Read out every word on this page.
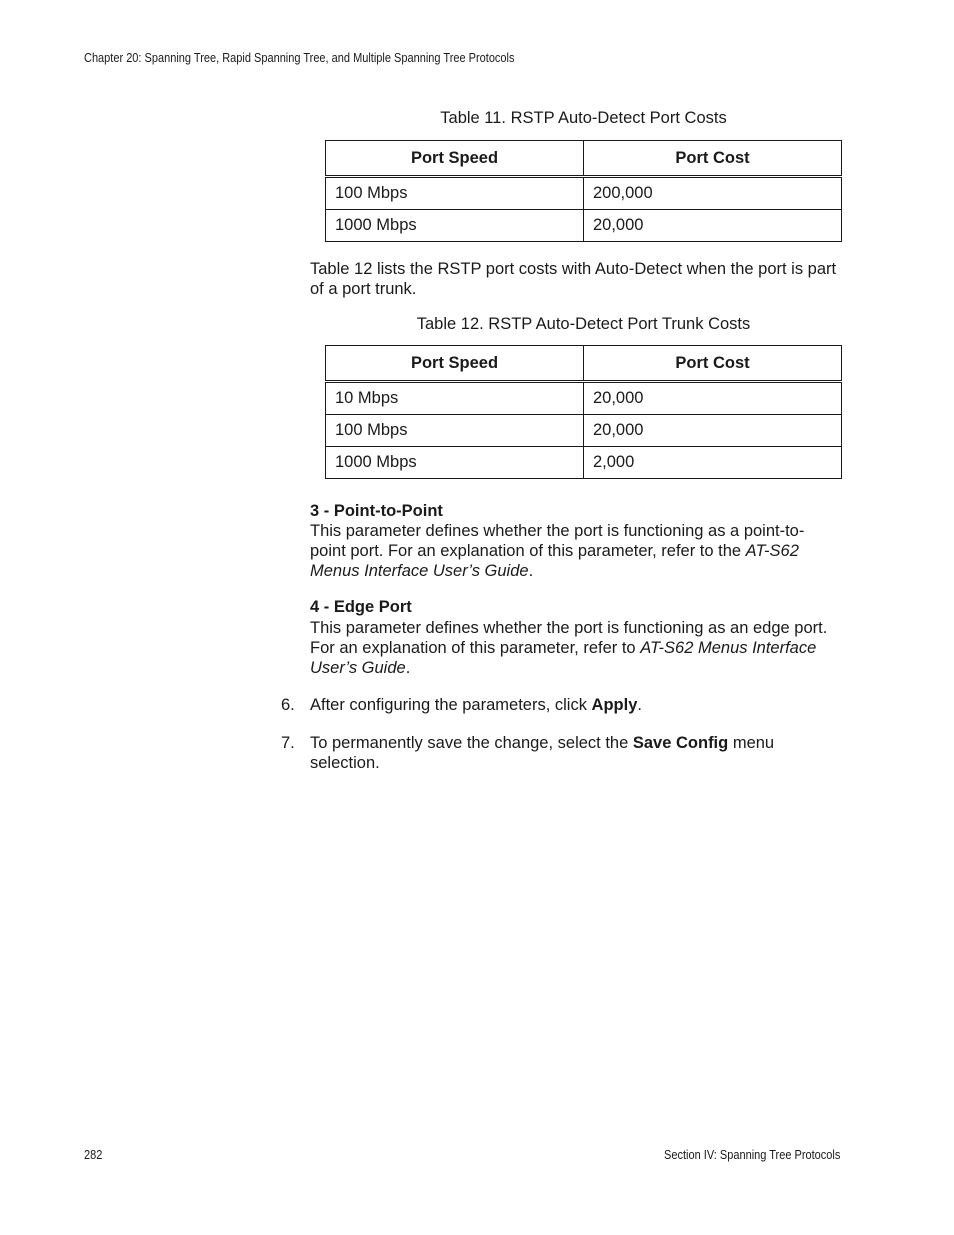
Chapter 20: Spanning Tree, Rapid Spanning Tree, and Multiple Spanning Tree Protocols
Table 11. RSTP Auto-Detect Port Costs
Port Speed	Port Cost
100 Mbps	200,000
1000 Mbps	20,000
Table 12 lists the RSTP port costs with Auto-Detect when the port is part of a port trunk.
Table 12. RSTP Auto-Detect Port Trunk Costs
Port Speed	Port Cost
10 Mbps	20,000
100 Mbps	20,000
1000 Mbps	2,000
3 - Point-to-Point
This parameter defines whether the port is functioning as a point-to-point port. For an explanation of this parameter, refer to the AT-S62 Menus Interface User’s Guide.
4 - Edge Port
This parameter defines whether the port is functioning as an edge port. For an explanation of this parameter, refer to AT-S62 Menus Interface User’s Guide.
6. After configuring the parameters, click Apply.
7. To permanently save the change, select the Save Config menu selection.
282	Section IV: Spanning Tree Protocols
